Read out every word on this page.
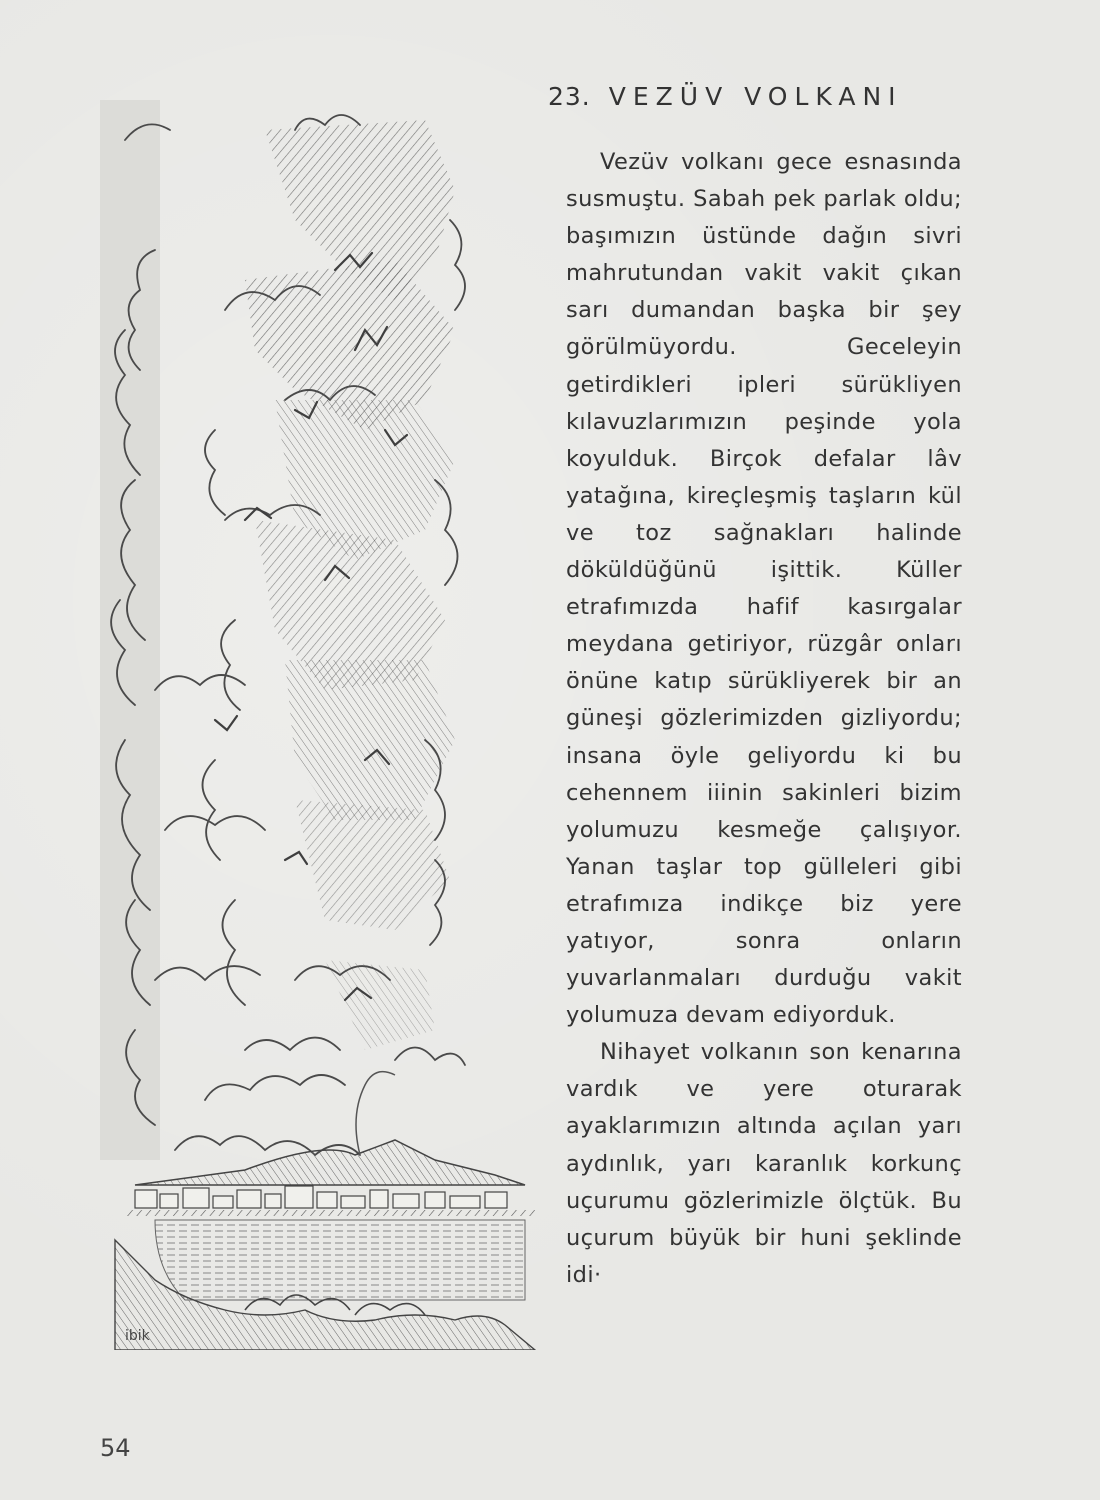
ibik
23. VEZÜV VOLKANI

Vezüv volkanı gece esnasında susmuştu. Sabah pek parlak oldu; başımızın üstünde dağın sivri mahrutundan vakit vakit çıkan sarı dumandan başka bir şey görülmüyordu. Geceleyin getirdikleri ipleri sürükliyen kılavuzlarımızın peşinde yola koyulduk. Birçok defalar lâv yatağına, kireçleşmiş taşların kül ve toz sağnakları halinde döküldüğünü işittik. Küller etrafımızda hafif kasırgalar meydana getiriyor, rüzgâr onları önüne katıp sürükliyerek bir an güneşi gözlerimizden gizliyordu; insana öyle geliyordu ki bu cehennem iiinin sakinleri bizim yolumuzu kesmeğe çalışıyor. Yanan taşlar top gülleleri gibi etrafımıza indikçe biz yere yatıyor, sonra onların yuvarlanmaları durduğu vakit yolumuza devam ediyorduk.

Nihayet volkanın son kenarına vardık ve yere oturarak ayaklarımızın altında açılan yarı aydınlık, yarı karanlık korkunç uçurumu gözlerimizle ölçtük. Bu uçurum büyük bir huni şeklinde idi·

54
